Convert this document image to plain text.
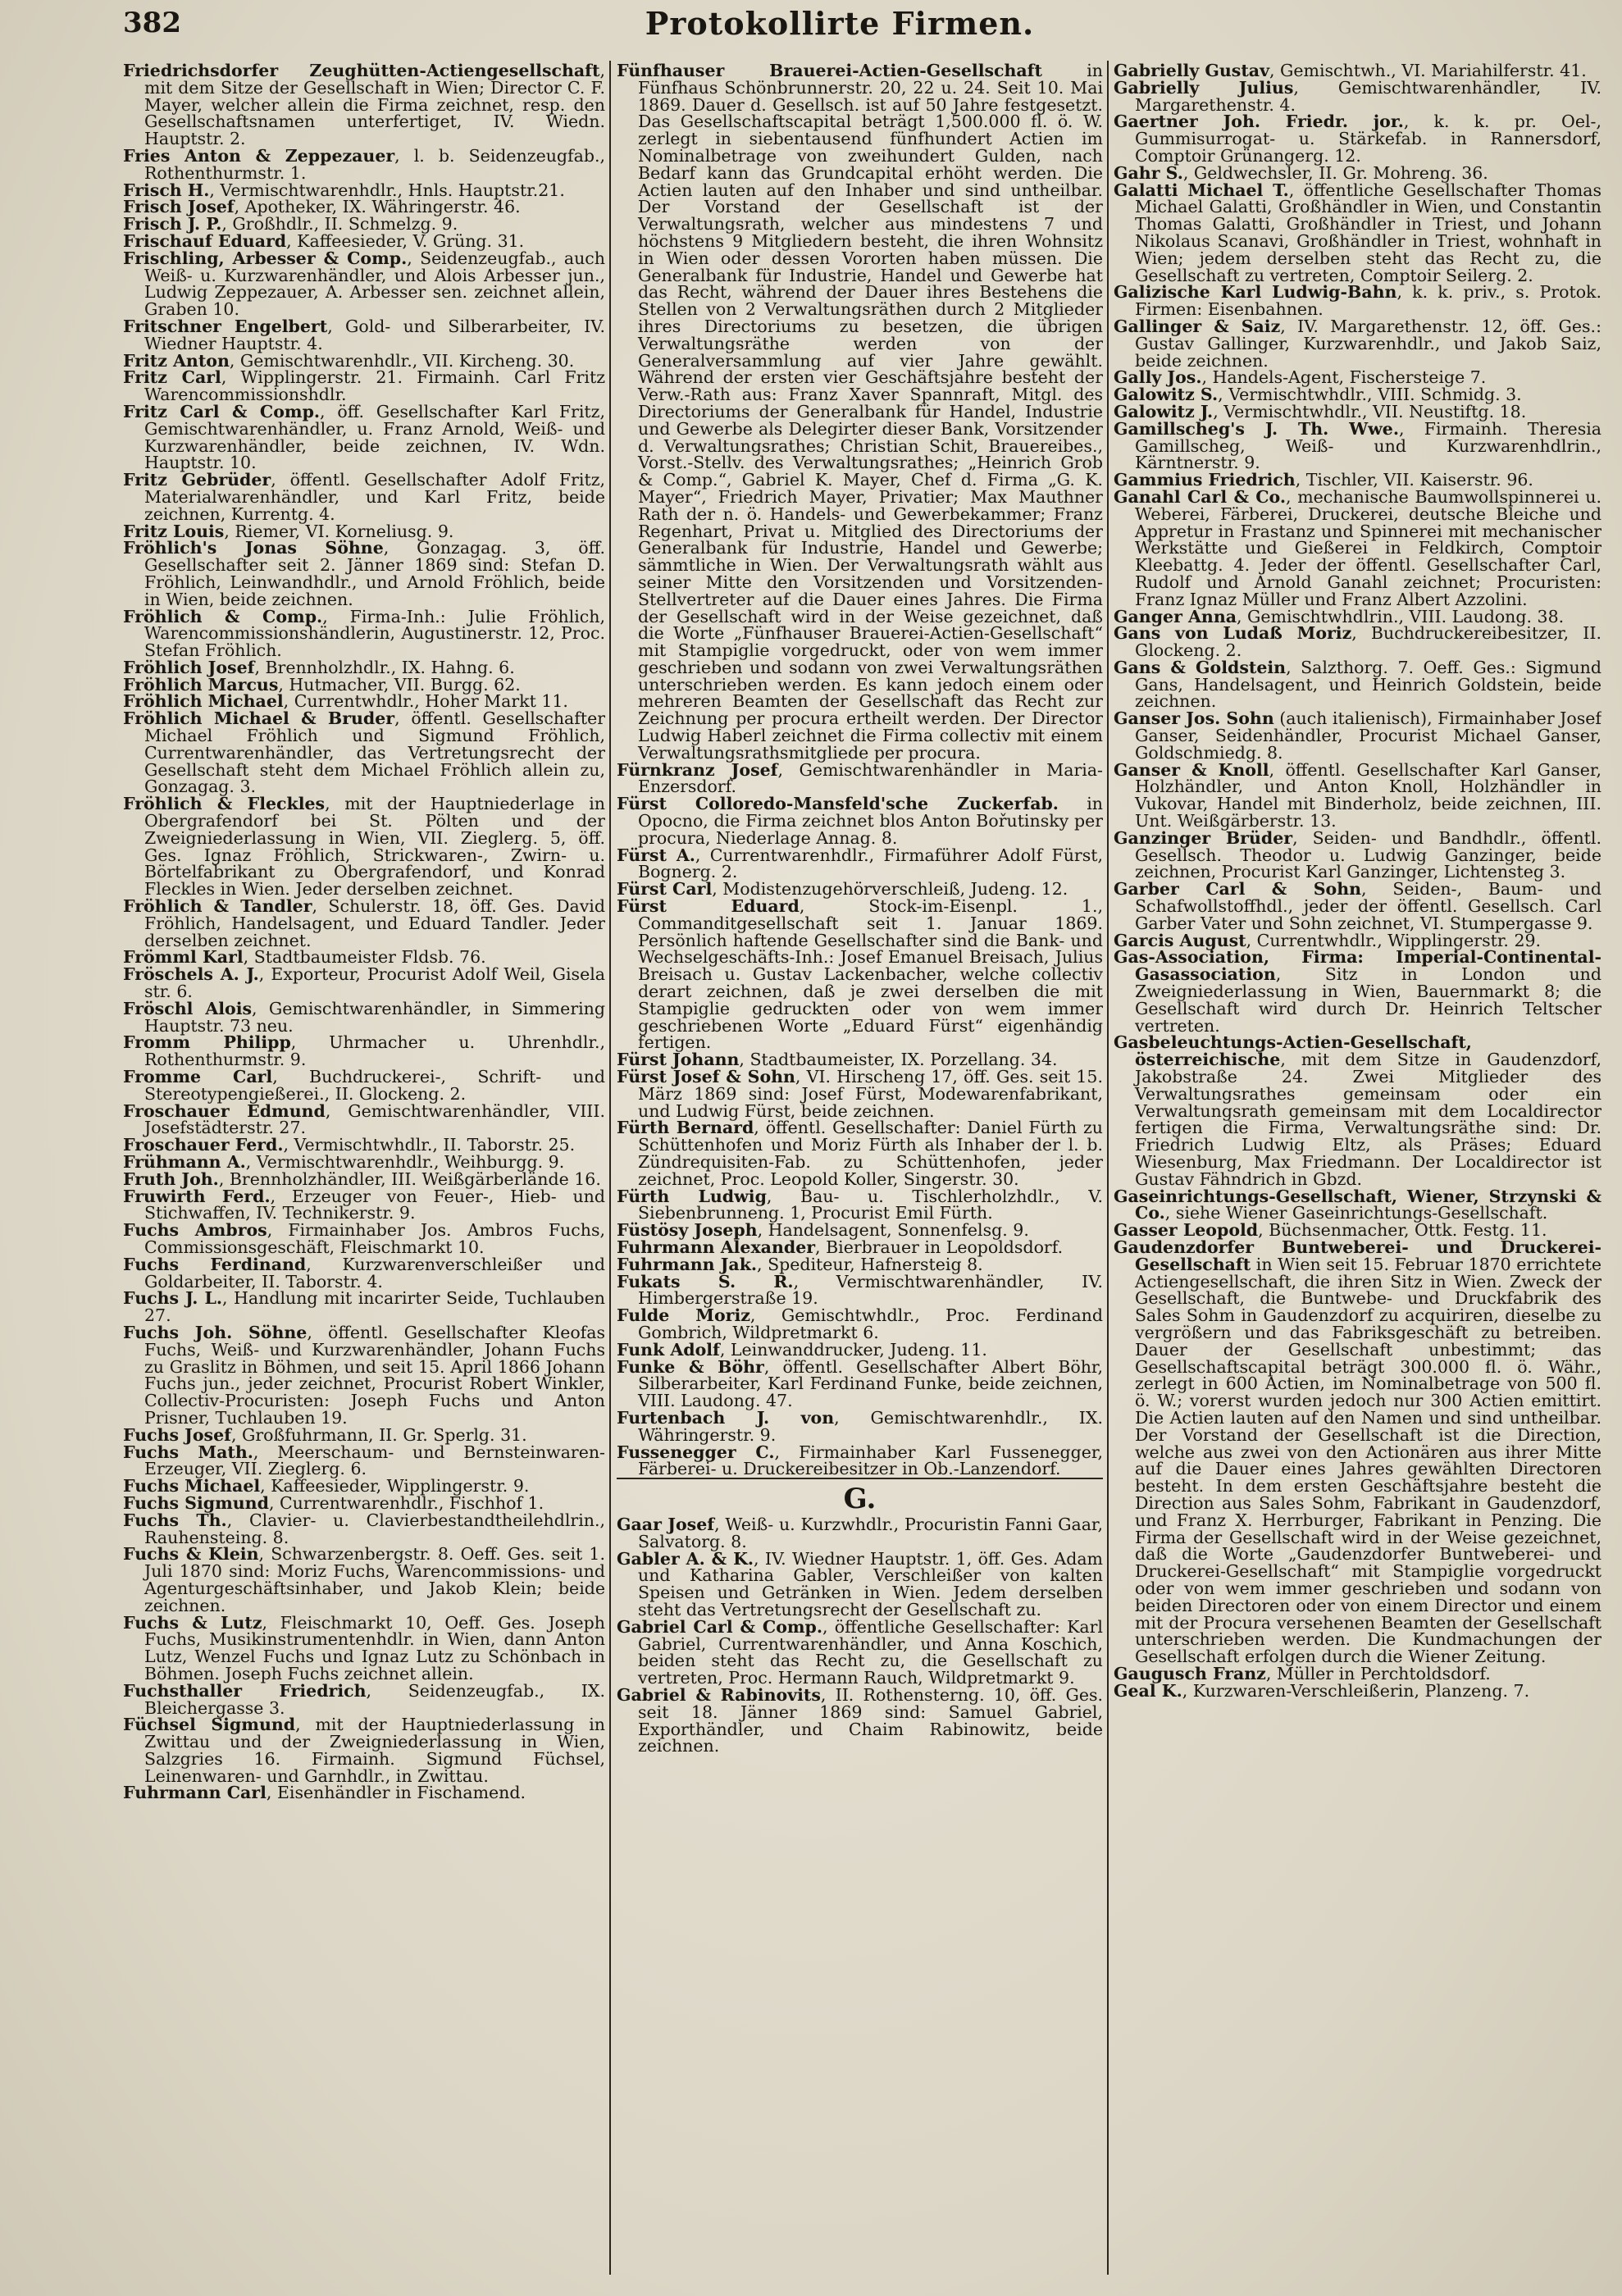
382	Protokollirte Firmen.

Friedrichsdorfer Zeughütten-Actiengesellschaft, mit dem Sitze der Gesellschaft in Wien; Director C. F. Mayer, welcher allein die Firma zeichnet, resp. den Gesellschaftsnamen unterfertiget, IV. Wiedn. Hauptstr. 2.

Fries Anton & Zeppezauer, l. b. Seidenzeugfab., Rothenthurmstr. 1.

Frisch H., Vermischtwarenhdlr., Hnls. Hauptstr.21.

Frisch Josef, Apotheker, IX. Währingerstr. 46.

Frisch J. P., Großhdlr., II. Schmelzg. 9.

Frischauf Eduard, Kaffeesieder, V. Grüng. 31.

Frischling, Arbesser & Comp., Seidenzeugfab., auch Weiß- u. Kurzwarenhändler, und Alois Arbesser jun., Ludwig Zeppezauer, A. Arbesser sen. zeichnet allein, Graben 10.

Fritschner Engelbert, Gold- und Silberarbeiter, IV. Wiedner Hauptstr. 4.

Fritz Anton, Gemischtwarenhdlr., VII. Kircheng. 30.

Fritz Carl, Wipplingerstr. 21. Firmainh. Carl Fritz Warencommissionshdlr.

Fritz Carl & Comp., öff. Gesellschafter Karl Fritz, Gemischtwarenhändler, u. Franz Arnold, Weiß- und Kurzwarenhändler, beide zeichnen, IV. Wdn. Hauptstr. 10.

Fritz Gebrüder, öffentl. Gesellschafter Adolf Fritz, Materialwarenhändler, und Karl Fritz, beide zeichnen, Kurrentg. 4.

Fritz Louis, Riemer, VI. Korneliusg. 9.

Fröhlich's Jonas Söhne, Gonzagag. 3, öff. Gesellschafter seit 2. Jänner 1869 sind: Stefan D. Fröhlich, Leinwandhdlr., und Arnold Fröhlich, beide in Wien, beide zeichnen.

Fröhlich & Comp., Firma-Inh.: Julie Fröhlich, Warencommissionshändlerin, Augustinerstr. 12, Proc. Stefan Fröhlich.

Fröhlich Josef, Brennholzhdlr., IX. Hahng. 6.

Fröhlich Marcus, Hutmacher, VII. Burgg. 62.

Fröhlich Michael, Currentwhdlr., Hoher Markt 11.

Fröhlich Michael & Bruder, öffentl. Gesellschafter Michael Fröhlich und Sigmund Fröhlich, Currentwarenhändler, das Vertretungsrecht der Gesellschaft steht dem Michael Fröhlich allein zu, Gonzagag. 3.

Fröhlich & Fleckles, mit der Hauptniederlage in Obergrafendorf bei St. Pölten und der Zweigniederlassung in Wien, VII. Zieglerg. 5, öff. Ges. Ignaz Fröhlich, Strickwaren-, Zwirn- u. Börtelfabrikant zu Obergrafendorf, und Konrad Fleckles in Wien. Jeder derselben zeichnet.

Fröhlich & Tandler, Schulerstr. 18, öff. Ges. David Fröhlich, Handelsagent, und Eduard Tandler. Jeder derselben zeichnet.

Frömml Karl, Stadtbaumeister Fldsb. 76.

Fröschels A. J., Exporteur, Procurist Adolf Weil, Gisela str. 6.

Fröschl Alois, Gemischtwarenhändler, in Simmering Hauptstr. 73 neu.

Fromm Philipp, Uhrmacher u. Uhrenhdlr., Rothenthurmstr. 9.

Fromme Carl, Buchdruckerei-, Schrift- und Stereotypengießerei., II. Glockeng. 2.

Froschauer Edmund, Gemischtwarenhändler, VIII. Josefstädterstr. 27.

Froschauer Ferd., Vermischtwhdlr., II. Taborstr. 25.

Frühmann A., Vermischtwarenhdlr., Weihburgg. 9.

Fruth Joh., Brennholzhändler, III. Weißgärberlände 16.

Fruwirth Ferd., Erzeuger von Feuer-, Hieb- und Stichwaffen, IV. Technikerstr. 9.

Fuchs Ambros, Firmainhaber Jos. Ambros Fuchs, Commissionsgeschäft, Fleischmarkt 10.

Fuchs Ferdinand, Kurzwarenverschleißer und Goldarbeiter, II. Taborstr. 4.

Fuchs J. L., Handlung mit incarirter Seide, Tuchlauben 27.

Fuchs Joh. Söhne, öffentl. Gesellschafter Kleofas Fuchs, Weiß- und Kurzwarenhändler, Johann Fuchs zu Graslitz in Böhmen, und seit 15. April 1866 Johann Fuchs jun., jeder zeichnet, Procurist Robert Winkler, Collectiv-Procuristen: Joseph Fuchs und Anton Prisner, Tuchlauben 19.

Fuchs Josef, Großfuhrmann, II. Gr. Sperlg. 31.

Fuchs Math., Meerschaum- und Bernsteinwaren-Erzeuger, VII. Zieglerg. 6.

Fuchs Michael, Kaffeesieder, Wipplingerstr. 9.

Fuchs Sigmund, Currentwarenhdlr., Fischhof 1.

Fuchs Th., Clavier- u. Clavierbestandtheilehdlrin., Rauhensteing. 8.

Fuchs & Klein, Schwarzenbergstr. 8. Oeff. Ges. seit 1. Juli 1870 sind: Moriz Fuchs, Warencommissions- und Agenturgeschäftsinhaber, und Jakob Klein; beide zeichnen.

Fuchs & Lutz, Fleischmarkt 10, Oeff. Ges. Joseph Fuchs, Musikinstrumentenhdlr. in Wien, dann Anton Lutz, Wenzel Fuchs und Ignaz Lutz zu Schönbach in Böhmen. Joseph Fuchs zeichnet allein.

Fuchsthaller Friedrich, Seidenzeugfab., IX. Bleichergasse 3.

Füchsel Sigmund, mit der Hauptniederlassung in Zwittau und der Zweigniederlassung in Wien, Salzgries 16. Firmainh. Sigmund Füchsel, Leinenwaren- und Garnhdlr., in Zwittau.

Fuhrmann Carl, Eisenhändler in Fischamend.

Fünfhauser Brauerei-Actien-Gesellschaft in Fünfhaus Schönbrunnerstr. 20, 22 u. 24. Seit 10. Mai 1869. Dauer d. Gesellsch. ist auf 50 Jahre festgesetzt. Das Gesellschaftscapital beträgt 1,500.000 fl. ö. W. zerlegt in siebentausend fünfhundert Actien im Nominalbetrage von zweihundert Gulden, nach Bedarf kann das Grundcapital erhöht werden. Die Actien lauten auf den Inhaber und sind untheilbar. Der Vorstand der Gesellschaft ist der Verwaltungsrath, welcher aus mindestens 7 und höchstens 9 Mitgliedern besteht, die ihren Wohnsitz in Wien oder dessen Vororten haben müssen. Die Generalbank für Industrie, Handel und Gewerbe hat das Recht, während der Dauer ihres Bestehens die Stellen von 2 Verwaltungsräthen durch 2 Mitglieder ihres Directoriums zu besetzen, die übrigen Verwaltungsräthe werden von der Generalversammlung auf vier Jahre gewählt. Während der ersten vier Geschäftsjahre besteht der Verw.-Rath aus: Franz Xaver Spannraft, Mitgl. des Directoriums der Generalbank für Handel, Industrie und Gewerbe als Delegirter dieser Bank, Vorsitzender d. Verwaltungsrathes; Christian Schit, Brauereibes., Vorst.-Stellv. des Verwaltungsrathes; „Heinrich Grob & Comp.“, Gabriel K. Mayer, Chef d. Firma „G. K. Mayer“, Friedrich Mayer, Privatier; Max Mauthner Rath der n. ö. Handels- und Gewerbekammer; Franz Regenhart, Privat u. Mitglied des Directoriums der Generalbank für Industrie, Handel und Gewerbe; sämmtliche in Wien. Der Verwaltungsrath wählt aus seiner Mitte den Vorsitzenden und Vorsitzenden-Stellvertreter auf die Dauer eines Jahres. Die Firma der Gesellschaft wird in der Weise gezeichnet, daß die Worte „Fünfhauser Brauerei-Actien-Gesellschaft“ mit Stampiglie vorgedruckt, oder von wem immer geschrieben und sodann von zwei Verwaltungsräthen unterschrieben werden. Es kann jedoch einem oder mehreren Beamten der Gesellschaft das Recht zur Zeichnung per procura ertheilt werden. Der Director Ludwig Haberl zeichnet die Firma collectiv mit einem Verwaltungsrathsmitgliede per procura.

Fürnkranz Josef, Gemischtwarenhändler in Maria-Enzersdorf.

Fürst Colloredo-Mansfeld'sche Zuckerfab. in Opocno, die Firma zeichnet blos Anton Bořutinsky per procura, Niederlage Annag. 8.

Fürst A., Currentwarenhdlr., Firmaführer Adolf Fürst, Bognerg. 2.

Fürst Carl, Modistenzugehörverschleiß, Judeng. 12.

Fürst Eduard, Stock-im-Eisenpl. 1., Commanditgesellschaft seit 1. Januar 1869. Persönlich haftende Gesellschafter sind die Bank- und Wechselgeschäfts-Inh.: Josef Emanuel Breisach, Julius Breisach u. Gustav Lackenbacher, welche collectiv derart zeichnen, daß je zwei derselben die mit Stampiglie gedruckten oder von wem immer geschriebenen Worte „Eduard Fürst“ eigenhändig fertigen.

Fürst Johann, Stadtbaumeister, IX. Porzellang. 34.

Fürst Josef & Sohn, VI. Hirscheng 17, öff. Ges. seit 15. März 1869 sind: Josef Fürst, Modewarenfabrikant, und Ludwig Fürst, beide zeichnen.

Fürth Bernard, öffentl. Gesellschafter: Daniel Fürth zu Schüttenhofen und Moriz Fürth als Inhaber der l. b. Zündrequisiten-Fab. zu Schüttenhofen, jeder zeichnet, Proc. Leopold Koller, Singerstr. 30.

Fürth Ludwig, Bau- u. Tischlerholzhdlr., V. Siebenbrunneng. 1, Procurist Emil Fürth.

Füstösy Joseph, Handelsagent, Sonnenfelsg. 9.

Fuhrmann Alexander, Bierbrauer in Leopoldsdorf.

Fuhrmann Jak., Spediteur, Hafnersteig 8.

Fukats S. R., Vermischtwarenhändler, IV. Himbergerstraße 19.

Fulde Moriz, Gemischtwhdlr., Proc. Ferdinand Gombrich, Wildpretmarkt 6.

Funk Adolf, Leinwanddrucker, Judeng. 11.

Funke & Böhr, öffentl. Gesellschafter Albert Böhr, Silberarbeiter, Karl Ferdinand Funke, beide zeichnen, VIII. Laudong. 47.

Furtenbach J. von, Gemischtwarenhdlr., IX. Währingerstr. 9.

Fussenegger C., Firmainhaber Karl Fussenegger, Färberei- u. Druckereibesitzer in Ob.-Lanzendorf.

G.

Gaar Josef, Weiß- u. Kurzwhdlr., Procuristin Fanni Gaar, Salvatorg. 8.

Gabler A. & K., IV. Wiedner Hauptstr. 1, öff. Ges. Adam und Katharina Gabler, Verschleißer von kalten Speisen und Getränken in Wien. Jedem derselben steht das Vertretungsrecht der Gesellschaft zu.

Gabriel Carl & Comp., öffentliche Gesellschafter: Karl Gabriel, Currentwarenhändler, und Anna Koschich, beiden steht das Recht zu, die Gesellschaft zu vertreten, Proc. Hermann Rauch, Wildpretmarkt 9.

Gabriel & Rabinovits, II. Rothensterng. 10, öff. Ges. seit 18. Jänner 1869 sind: Samuel Gabriel, Exporthändler, und Chaim Rabinowitz, beide zeichnen.

Gabrielly Gustav, Gemischtwh., VI. Mariahilferstr. 41.

Gabrielly Julius, Gemischtwarenhändler, IV. Margarethenstr. 4.

Gaertner Joh. Friedr. jor., k. k. pr. Oel-, Gummisurrogat- u. Stärkefab. in Rannersdorf, Comptoir Grünangerg. 12.

Gahr S., Geldwechsler, II. Gr. Mohreng. 36.

Galatti Michael T., öffentliche Gesellschafter Thomas Michael Galatti, Großhändler in Wien, und Constantin Thomas Galatti, Großhändler in Triest, und Johann Nikolaus Scanavi, Großhändler in Triest, wohnhaft in Wien; jedem derselben steht das Recht zu, die Gesellschaft zu vertreten, Comptoir Seilerg. 2.

Galizische Karl Ludwig-Bahn, k. k. priv., s. Protok. Firmen: Eisenbahnen.

Gallinger & Saiz, IV. Margarethenstr. 12, öff. Ges.: Gustav Gallinger, Kurzwarenhdlr., und Jakob Saiz, beide zeichnen.

Gally Jos., Handels-Agent, Fischersteige 7.

Galowitz S., Vermischtwhdlr., VIII. Schmidg. 3.

Galowitz J., Vermischtwhdlr., VII. Neustiftg. 18.

Gamillscheg's J. Th. Wwe., Firmainh. Theresia Gamillscheg, Weiß- und Kurzwarenhdlrin., Kärntnerstr. 9.

Gammius Friedrich, Tischler, VII. Kaiserstr. 96.

Ganahl Carl & Co., mechanische Baumwollspinnerei u. Weberei, Färberei, Druckerei, deutsche Bleiche und Appretur in Frastanz und Spinnerei mit mechanischer Werkstätte und Gießerei in Feldkirch, Comptoir Kleebattg. 4. Jeder der öffentl. Gesellschafter Carl, Rudolf und Arnold Ganahl zeichnet; Procuristen: Franz Ignaz Müller und Franz Albert Azzolini.

Ganger Anna, Gemischtwhdlrin., VIII. Laudong. 38.

Gans von Ludaß Moriz, Buchdruckereibesitzer, II. Glockeng. 2.

Gans & Goldstein, Salzthorg. 7. Oeff. Ges.: Sigmund Gans, Handelsagent, und Heinrich Goldstein, beide zeichnen.

Ganser Jos. Sohn (auch italienisch), Firmainhaber Josef Ganser, Seidenhändler, Procurist Michael Ganser, Goldschmiedg. 8.

Ganser & Knoll, öffentl. Gesellschafter Karl Ganser, Holzhändler, und Anton Knoll, Holzhändler in Vukovar, Handel mit Binderholz, beide zeichnen, III. Unt. Weißgärberstr. 13.

Ganzinger Brüder, Seiden- und Bandhdlr., öffentl. Gesellsch. Theodor u. Ludwig Ganzinger, beide zeichnen, Procurist Karl Ganzinger, Lichtensteg 3.

Garber Carl & Sohn, Seiden-, Baum- und Schafwollstoffhdl., jeder der öffentl. Gesellsch. Carl Garber Vater und Sohn zeichnet, VI. Stumpergasse 9.

Garcis August, Currentwhdlr., Wipplingerstr. 29.

Gas-Association, Firma: Imperial-Continental-Gasassociation, Sitz in London und Zweigniederlassung in Wien, Bauernmarkt 8; die Gesellschaft wird durch Dr. Heinrich Teltscher vertreten.

Gasbeleuchtungs-Actien-Gesellschaft, österreichische, mit dem Sitze in Gaudenzdorf, Jakobstraße 24. Zwei Mitglieder des Verwaltungsrathes gemeinsam oder ein Verwaltungsrath gemeinsam mit dem Localdirector fertigen die Firma, Verwaltungsräthe sind: Dr. Friedrich Ludwig Eltz, als Präses; Eduard Wiesenburg, Max Friedmann. Der Localdirector ist Gustav Fähndrich in Gbzd.

Gaseinrichtungs-Gesellschaft, Wiener, Strzynski & Co., siehe Wiener Gaseinrichtungs-Gesellschaft.

Gasser Leopold, Büchsenmacher, Ottk. Festg. 11.

Gaudenzdorfer Buntweberei- und Druckerei-Gesellschaft in Wien seit 15. Februar 1870 errichtete Actiengesellschaft, die ihren Sitz in Wien. Zweck der Gesellschaft, die Buntwebe- und Druckfabrik des Sales Sohm in Gaudenzdorf zu acquiriren, dieselbe zu vergrößern und das Fabriksgeschäft zu betreiben. Dauer der Gesellschaft unbestimmt; das Gesellschaftscapital beträgt 300.000 fl. ö. Währ., zerlegt in 600 Actien, im Nominalbetrage von 500 fl. ö. W.; vorerst wurden jedoch nur 300 Actien emittirt. Die Actien lauten auf den Namen und sind untheilbar. Der Vorstand der Gesellschaft ist die Direction, welche aus zwei von den Actionären aus ihrer Mitte auf die Dauer eines Jahres gewählten Directoren besteht. In dem ersten Geschäftsjahre besteht die Direction aus Sales Sohm, Fabrikant in Gaudenzdorf, und Franz X. Herrburger, Fabrikant in Penzing. Die Firma der Gesellschaft wird in der Weise gezeichnet, daß die Worte „Gaudenzdorfer Buntweberei- und Druckerei-Gesellschaft“ mit Stampiglie vorgedruckt oder von wem immer geschrieben und sodann von beiden Directoren oder von einem Director und einem mit der Procura versehenen Beamten der Gesellschaft unterschrieben werden. Die Kundmachungen der Gesellschaft erfolgen durch die Wiener Zeitung.

Gaugusch Franz, Müller in Perchtoldsdorf.

Geal K., Kurzwaren-Verschleißerin, Planzeng. 7.
